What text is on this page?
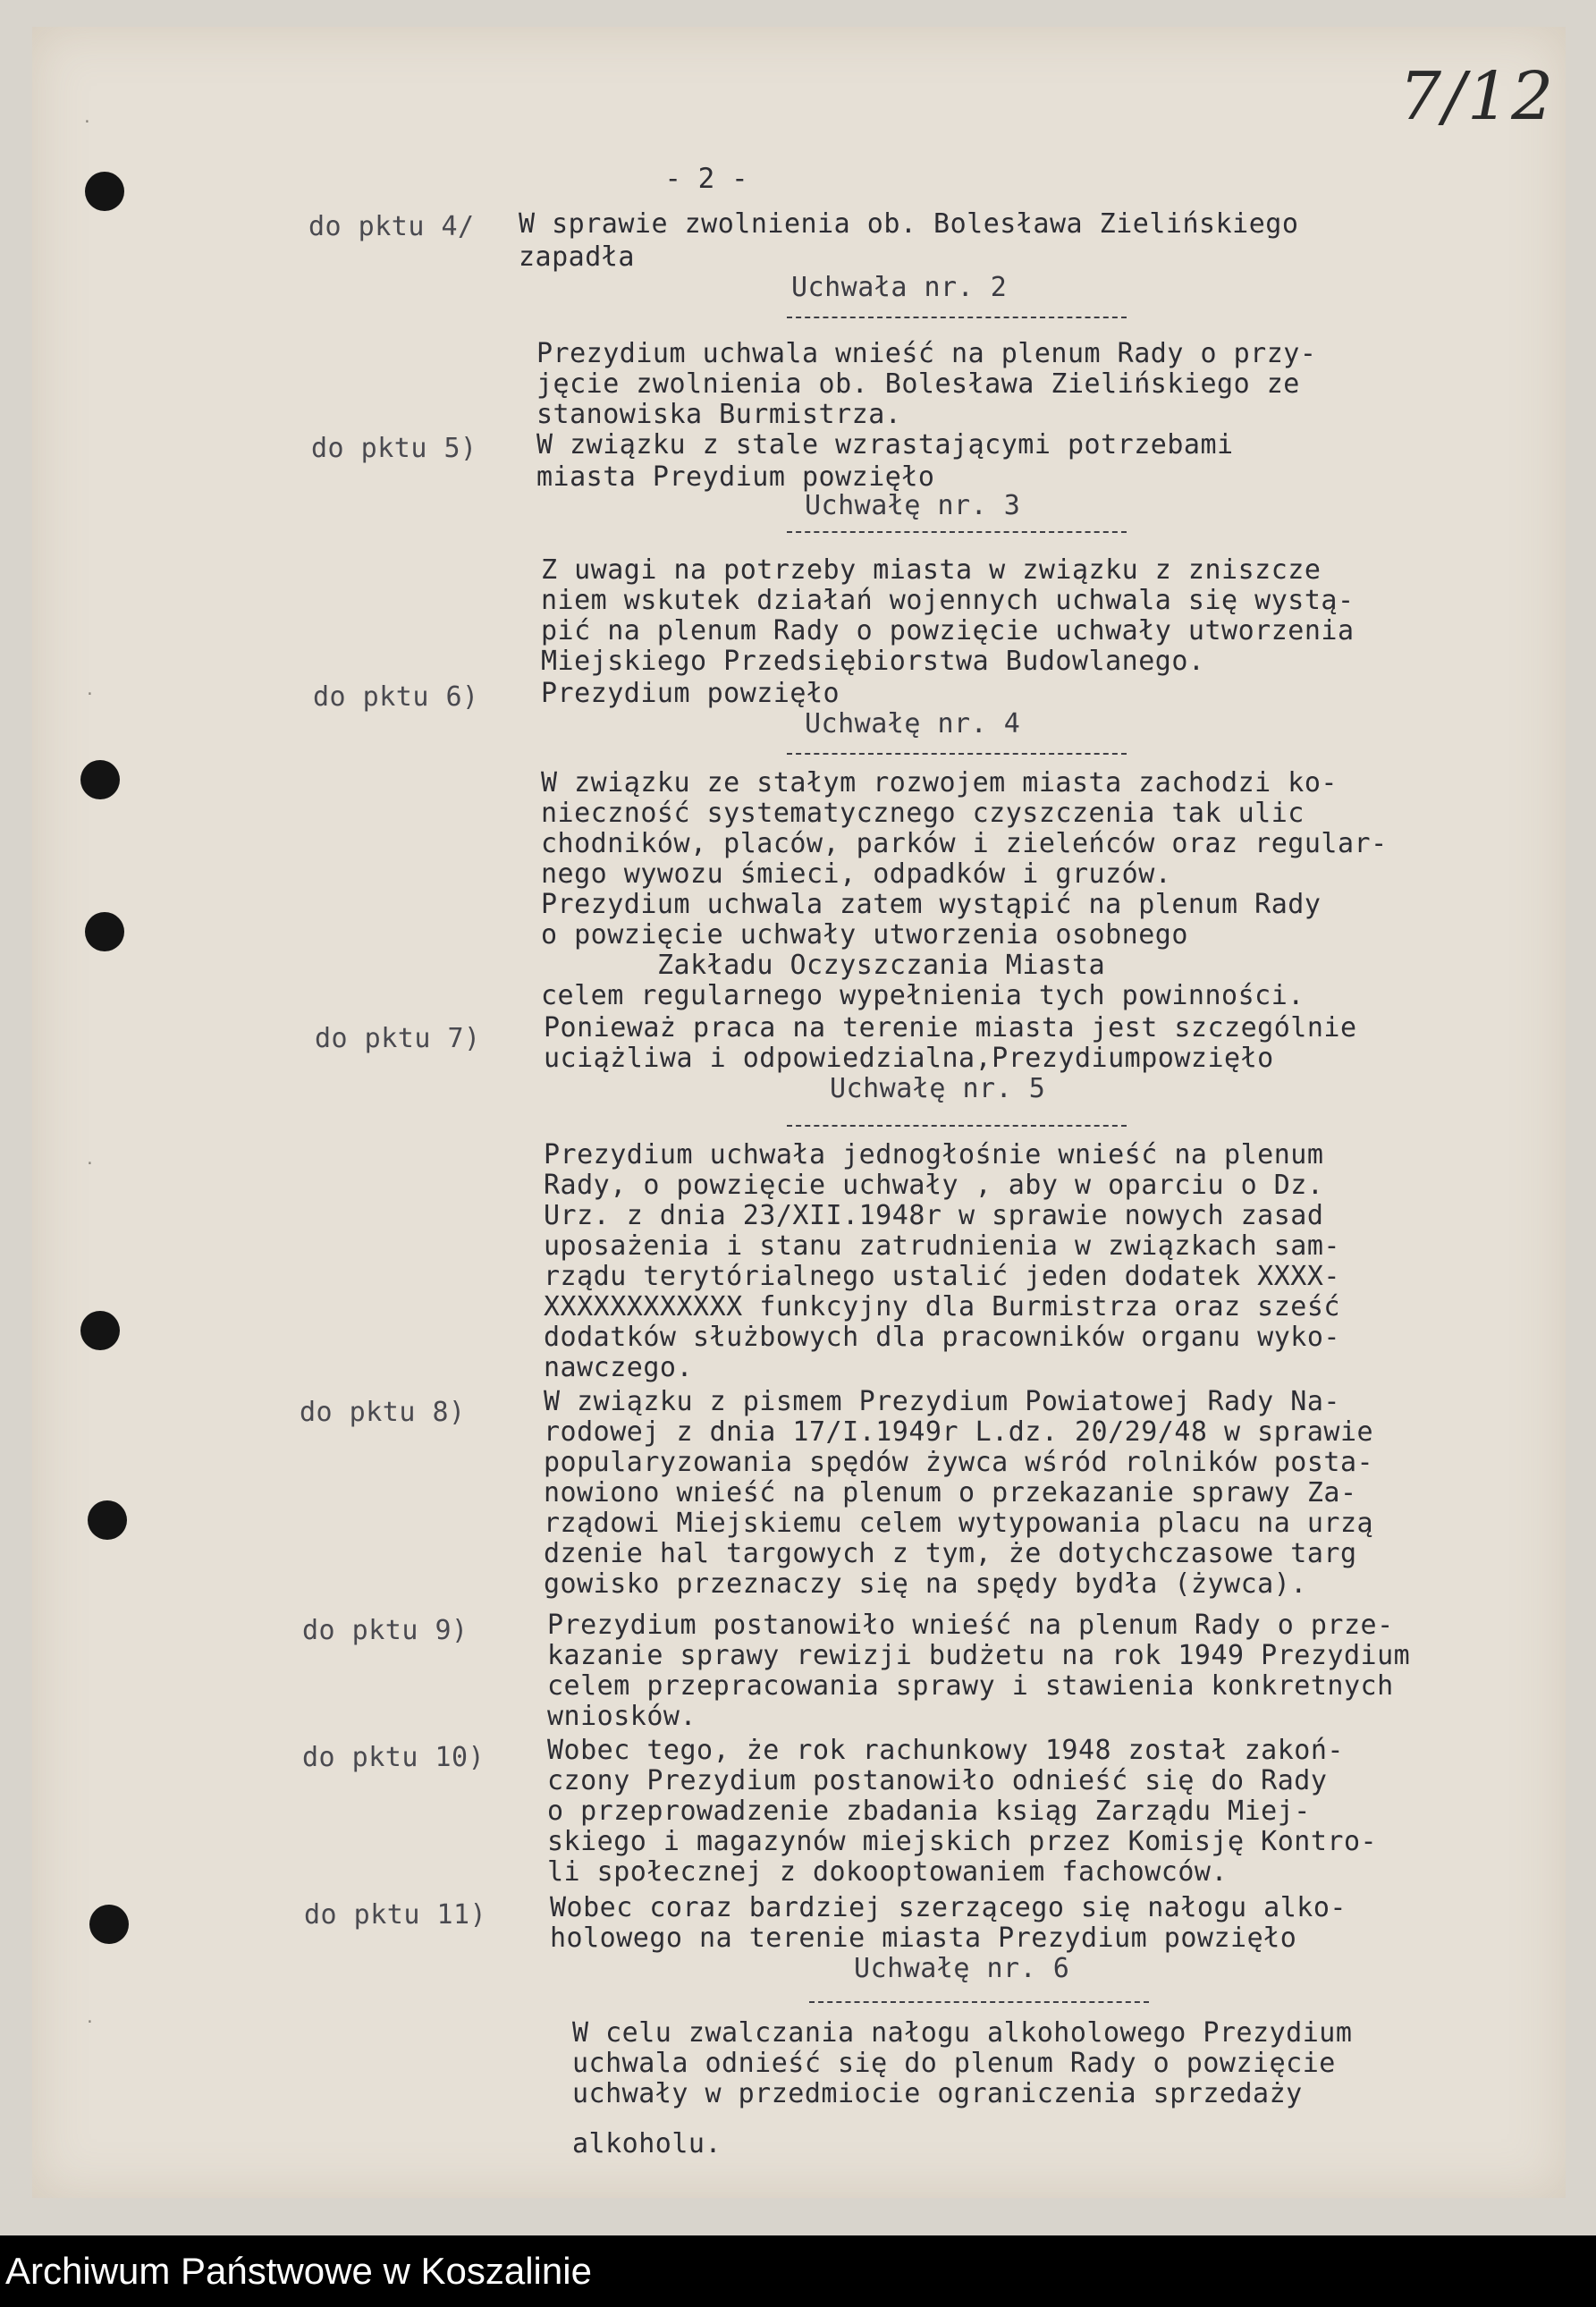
·
·
·
·
7/12
- 2 -
do pktu 4/ W sprawie zwolnienia ob. Bolesława Zielińskiego
zapadła
Uchwała nr. 2
Prezydium uchwala wnieść na plenum Rady o przy-
jęcie zwolnienia ob. Bolesława Zielińskiego ze
stanowiska Burmistrza.
do pktu 5) W związku z stale wzrastającymi potrzebami
miasta Preydium powzięło
Uchwałę nr. 3
Z uwagi na potrzeby miasta w związku z zniszcze
niem wskutek działań wojennych uchwala się wystą-
pić na plenum Rady o powzięcie uchwały utworzenia
Miejskiego Przedsiębiorstwa Budowlanego.
do pktu 6) Prezydium powzięło
Uchwałę nr. 4
W związku ze stałym rozwojem miasta zachodzi ko-
nieczność systematycznego czyszczenia tak ulic
chodników, placów, parków i zieleńców oraz regular-
nego wywozu śmieci, odpadków i gruzów.
Prezydium uchwala zatem wystąpić na plenum Rady
o powzięcie uchwały utworzenia osobnego
Zakładu Oczyszczania Miasta
celem regularnego wypełnienia tych powinności.
do pktu 7) Ponieważ praca na terenie miasta jest szczególnie
uciążliwa i odpowiedzialna,Prezydiumpowzięło
Uchwałę nr. 5
Prezydium uchwała jednogłośnie wnieść na plenum
Rady, o powzięcie uchwały , aby w oparciu o Dz.
Urz. z dnia 23/XII.1948r w sprawie nowych zasad
uposażenia i stanu zatrudnienia w związkach sam-
rządu terytórialnego ustalić jeden dodatek XXXX-
XXXXXXXXXXXX funkcyjny dla Burmistrza oraz sześć
dodatków służbowych dla pracowników organu wyko-
nawczego.
do pktu 8)	W związku z pismem Prezydium Powiatowej Rady Na-
rodowej z dnia 17/I.1949r L.dz. 20/29/48 w sprawie
popularyzowania spędów żywca wśród rolników posta-
nowiono wnieść na plenum o przekazanie sprawy Za-
rządowi Miejskiemu celem wytypowania placu na urzą
dzenie hal targowych z tym, że dotychczasowe targ
gowisko przeznaczy się na spędy bydła (żywca).
do pktu 9)	Prezydium postanowiło wnieść na plenum Rady o prze-
kazanie sprawy rewizji budżetu na rok 1949 Prezydium
celem przepracowania sprawy i stawienia konkretnych
wniosków.
do pktu 10) Wobec tego, że rok rachunkowy 1948 został zakoń-
czony Prezydium postanowiło odnieść się do Rady
o przeprowadzenie zbadania ksiąg Zarządu Miej-
skiego i magazynów miejskich przez Komisję Kontro-
li społecznej z dokooptowaniem fachowców.
do pktu 11) Wobec coraz bardziej szerzącego się nałogu alko-
holowego na terenie miasta Prezydium powzięło
Uchwałę nr. 6
W celu zwalczania nałogu alkoholowego Prezydium
uchwala odnieść się do plenum Rady o powzięcie
uchwały w przedmiocie ograniczenia sprzedaży
alkoholu.
Archiwum Państwowe w Koszalinie
